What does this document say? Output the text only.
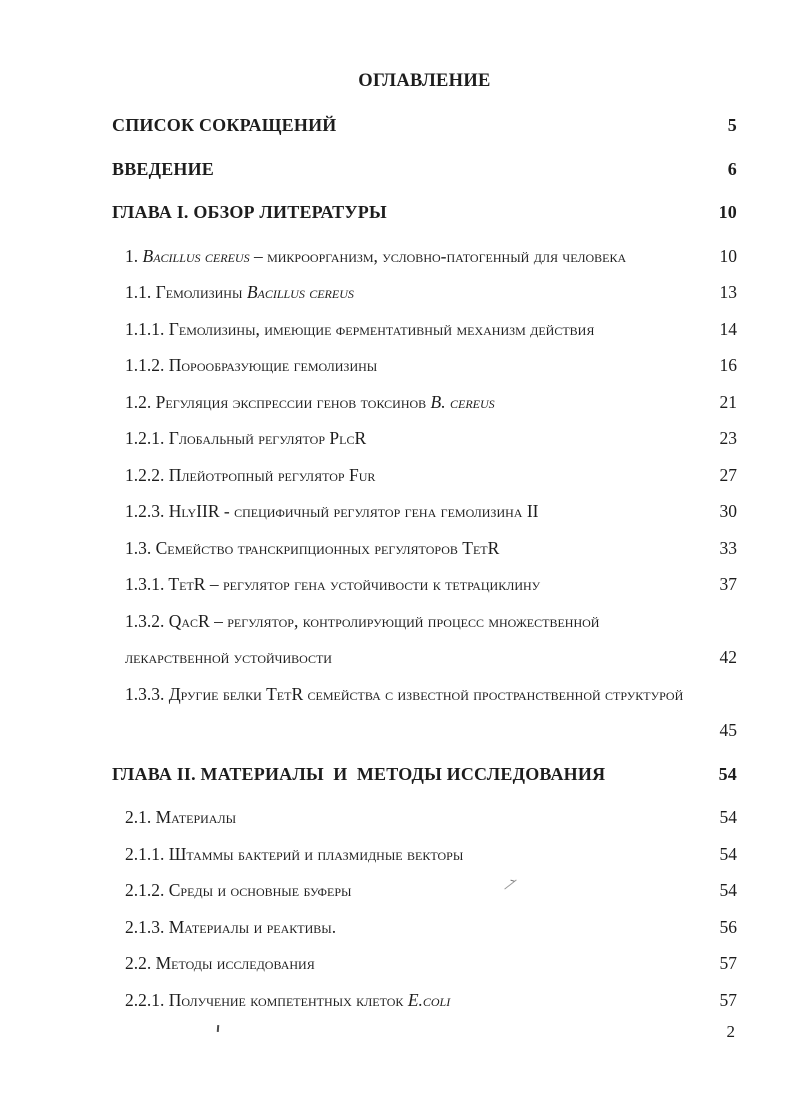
ОГЛАВЛЕНИЕ
СПИСОК СОКРАЩЕНИЙ	5
ВВЕДЕНИЕ	6
ГЛАВА I. ОБЗОР ЛИТЕРАТУРЫ	10
1. Bacillus cereus – микроорганизм, условно-патогенный для человека	10
1.1. Гемолизины Bacillus cereus	13
1.1.1. Гемолизины, имеющие ферментативный механизм действия	14
1.1.2. Порообразующие гемолизины	16
1.2. Регуляция экспрессии генов токсинов B. cereus	21
1.2.1. Глобальный регулятор PlcR	23
1.2.2. Плейотропный регулятор Fur	27
1.2.3. HlyIIR - специфичный регулятор гена гемолизина II	30
1.3. Семейство транскрипционных регуляторов TetR	33
1.3.1. TetR – регулятор гена устойчивости к тетрациклину	37
1.3.2. QacR – регулятор, контролирующий процесс множественной
лекарственной устойчивости	42
1.3.3. Другие белки TetR семейства с известной пространственной структурой
45
ГЛАВА II. МАТЕРИАЛЫ  И  МЕТОДЫ ИССЛЕДОВАНИЯ	54
2.1. Материалы	54
2.1.1. Штаммы бактерий и плазмидные векторы	54
2.1.2. Среды и основные буферы	54
2.1.3. Материалы и реактивы.	56
2.2. Методы исследования	57
2.2.1. Получение компетентных клеток E.coli	57
2
